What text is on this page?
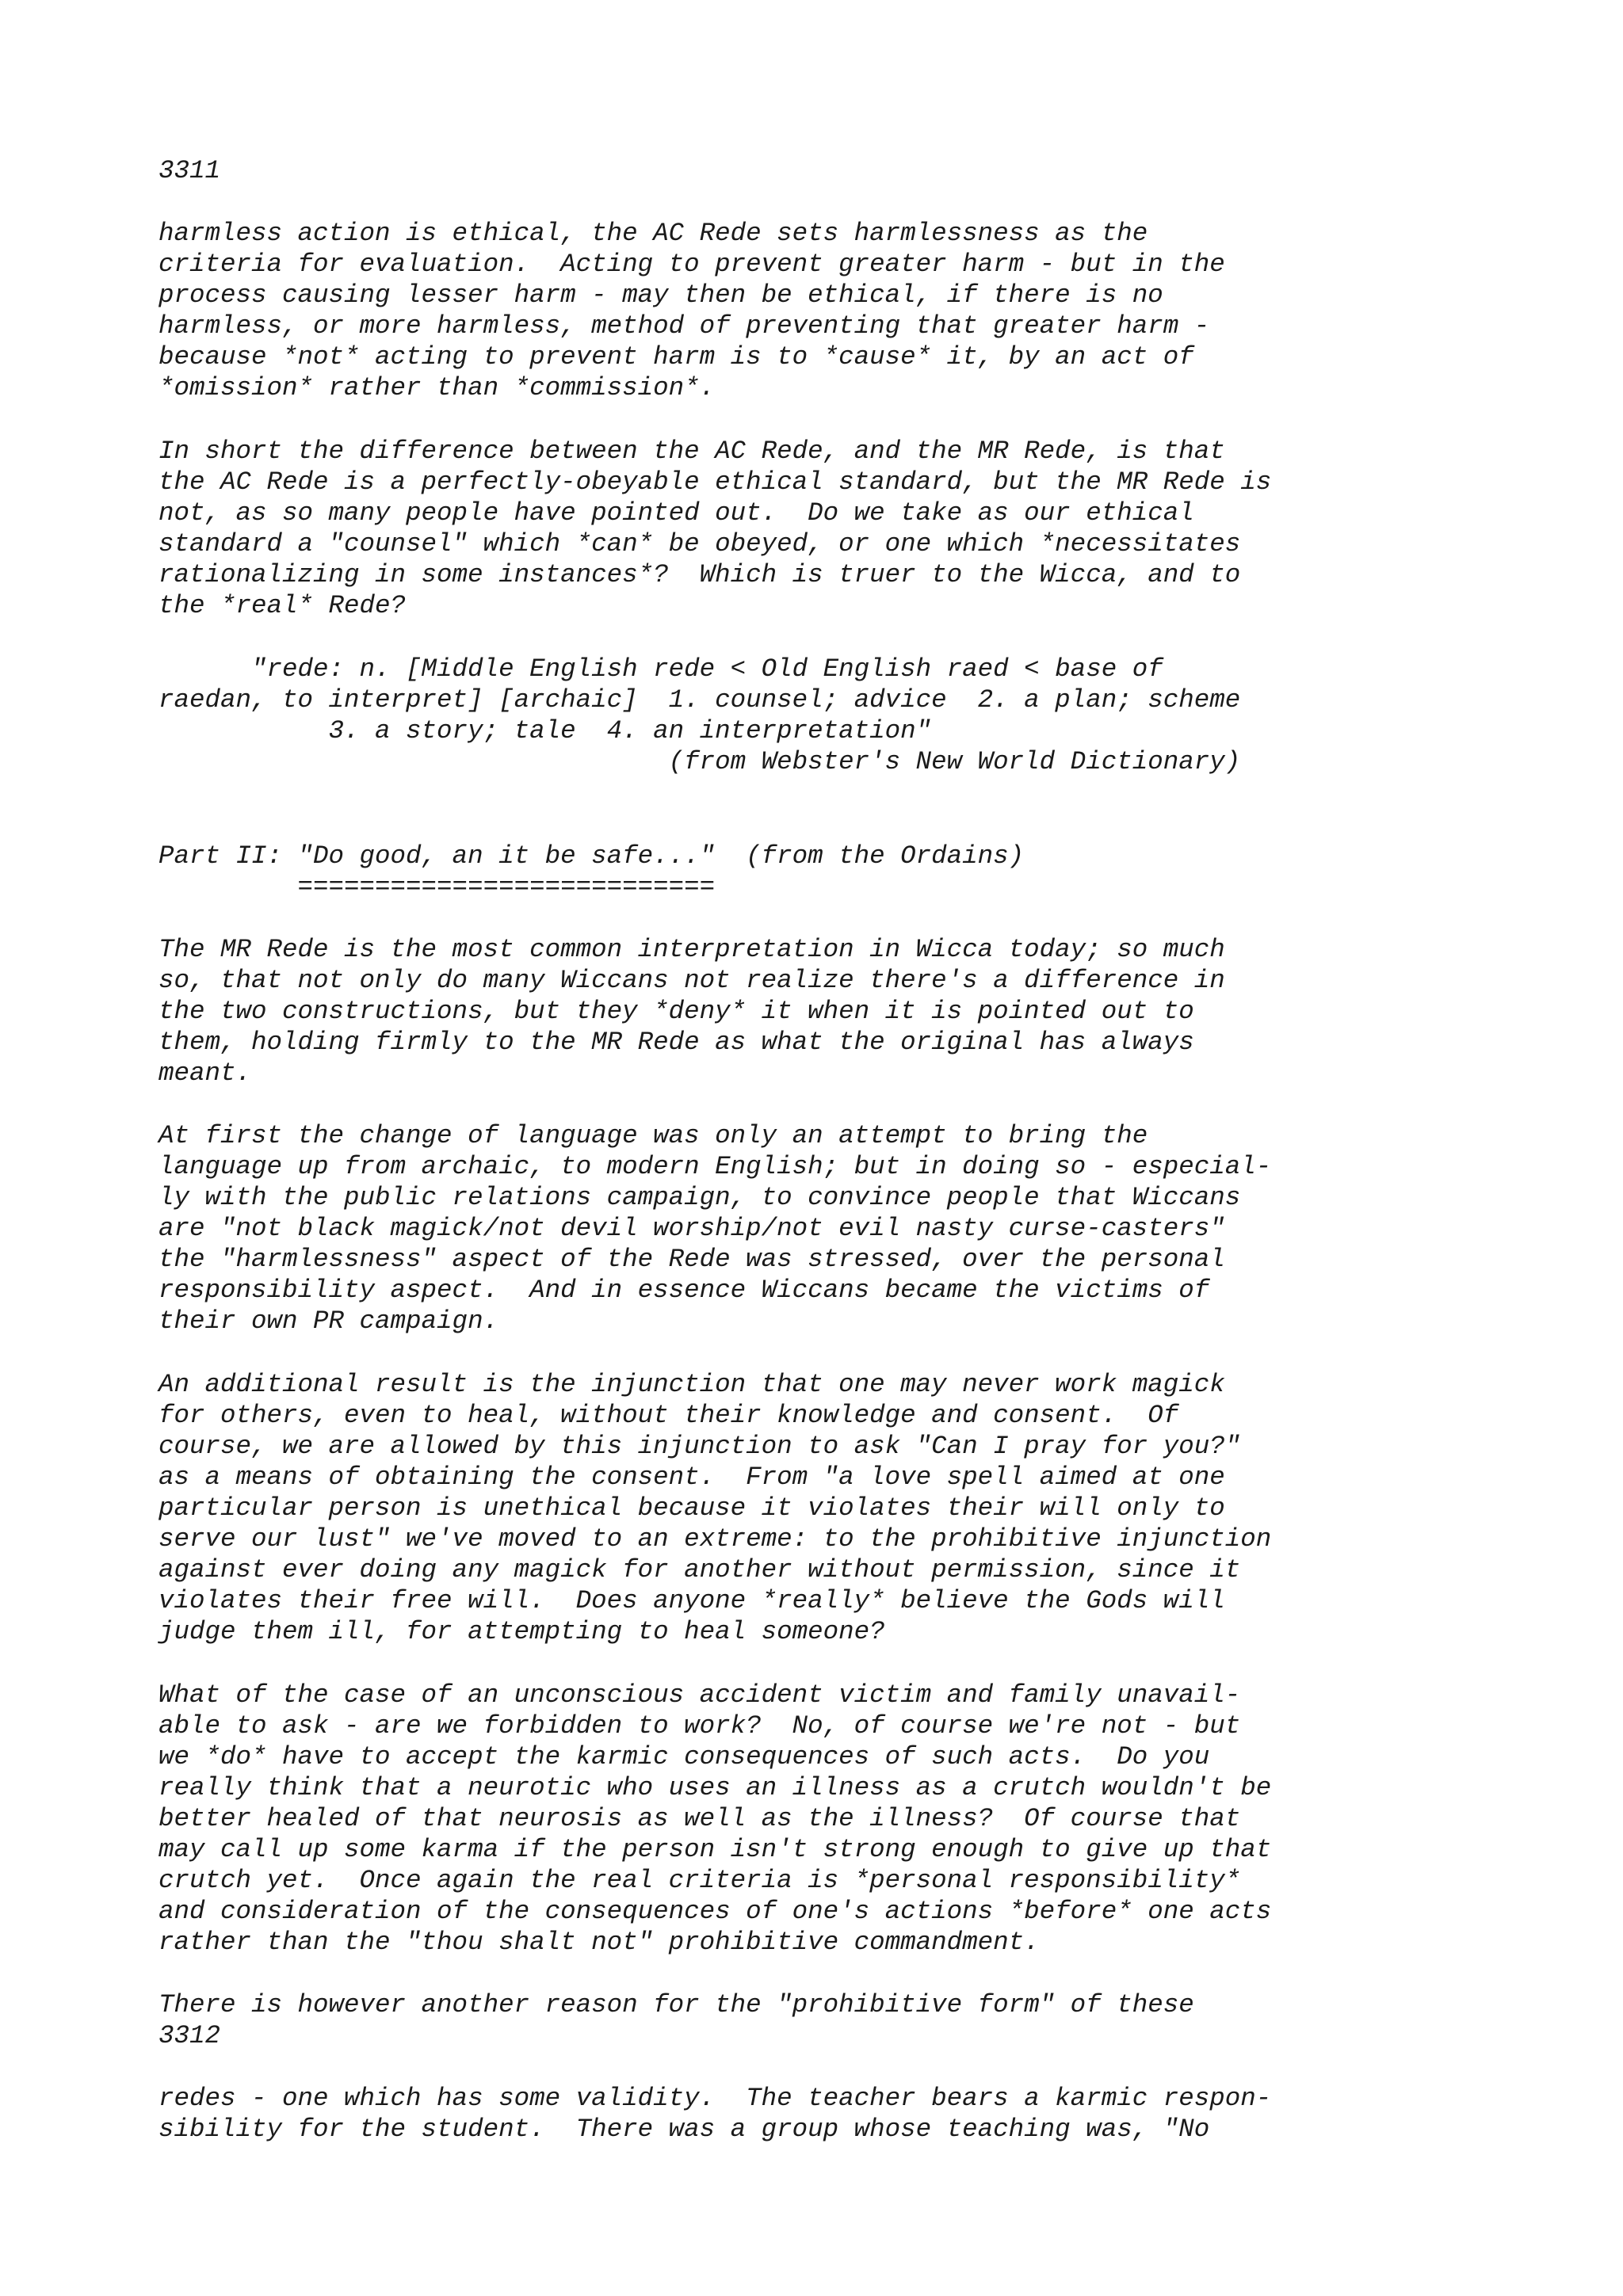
3311

harmless action is ethical, the AC Rede sets harmlessness as the

criteria for evaluation.  Acting to prevent greater harm - but in the

process causing lesser harm - may then be ethical, if there is no

harmless, or more harmless, method of preventing that greater harm -

because *not* acting to prevent harm is to *cause* it, by an act of

*omission* rather than *commission*.

In short the difference between the AC Rede, and the MR Rede, is that

the AC Rede is a perfectly-obeyable ethical standard, but the MR Rede is

not, as so many people have pointed out.  Do we take as our ethical

standard a "counsel" which *can* be obeyed, or one which *necessitates

rationalizing in some instances*?  Which is truer to the Wicca, and to

the *real* Rede?

"rede: n. [Middle English rede < Old English raed < base of

raedan, to interpret] [archaic]  1. counsel; advice  2. a plan; scheme

3. a story; tale  4. an interpretation"

(from Webster's New World Dictionary)

Part II: "Do good, an it be safe..."  (from the Ordains)

===========================

The MR Rede is the most common interpretation in Wicca today; so much

so, that not only do many Wiccans not realize there's a difference in

the two constructions, but they *deny* it when it is pointed out to

them, holding firmly to the MR Rede as what the original has always

meant.

At first the change of language was only an attempt to bring the

language up from archaic, to modern English; but in doing so - especial-

ly with the public relations campaign, to convince people that Wiccans

are "not black magick/not devil worship/not evil nasty curse-casters"

the "harmlessness" aspect of the Rede was stressed, over the personal

responsibility aspect.  And in essence Wiccans became the victims of

their own PR campaign.

An additional result is the injunction that one may never work magick

for others, even to heal, without their knowledge and consent.  Of

course, we are allowed by this injunction to ask "Can I pray for you?"

as a means of obtaining the consent.  From "a love spell aimed at one

particular person is unethical because it violates their will only to

serve our lust" we've moved to an extreme: to the prohibitive injunction

against ever doing any magick for another without permission, since it

violates their free will.  Does anyone *really* believe the Gods will

judge them ill, for attempting to heal someone?

What of the case of an unconscious accident victim and family unavail-

able to ask - are we forbidden to work?  No, of course we're not - but

we *do* have to accept the karmic consequences of such acts.  Do you

really think that a neurotic who uses an illness as a crutch wouldn't be

better healed of that neurosis as well as the illness?  Of course that

may call up some karma if the person isn't strong enough to give up that

crutch yet.  Once again the real criteria is *personal responsibility*

and consideration of the consequences of one's actions *before* one acts

rather than the "thou shalt not" prohibitive commandment.

There is however another reason for the "prohibitive form" of these

3312

redes - one which has some validity.  The teacher bears a karmic respon-

sibility for the student.  There was a group whose teaching was, "No
